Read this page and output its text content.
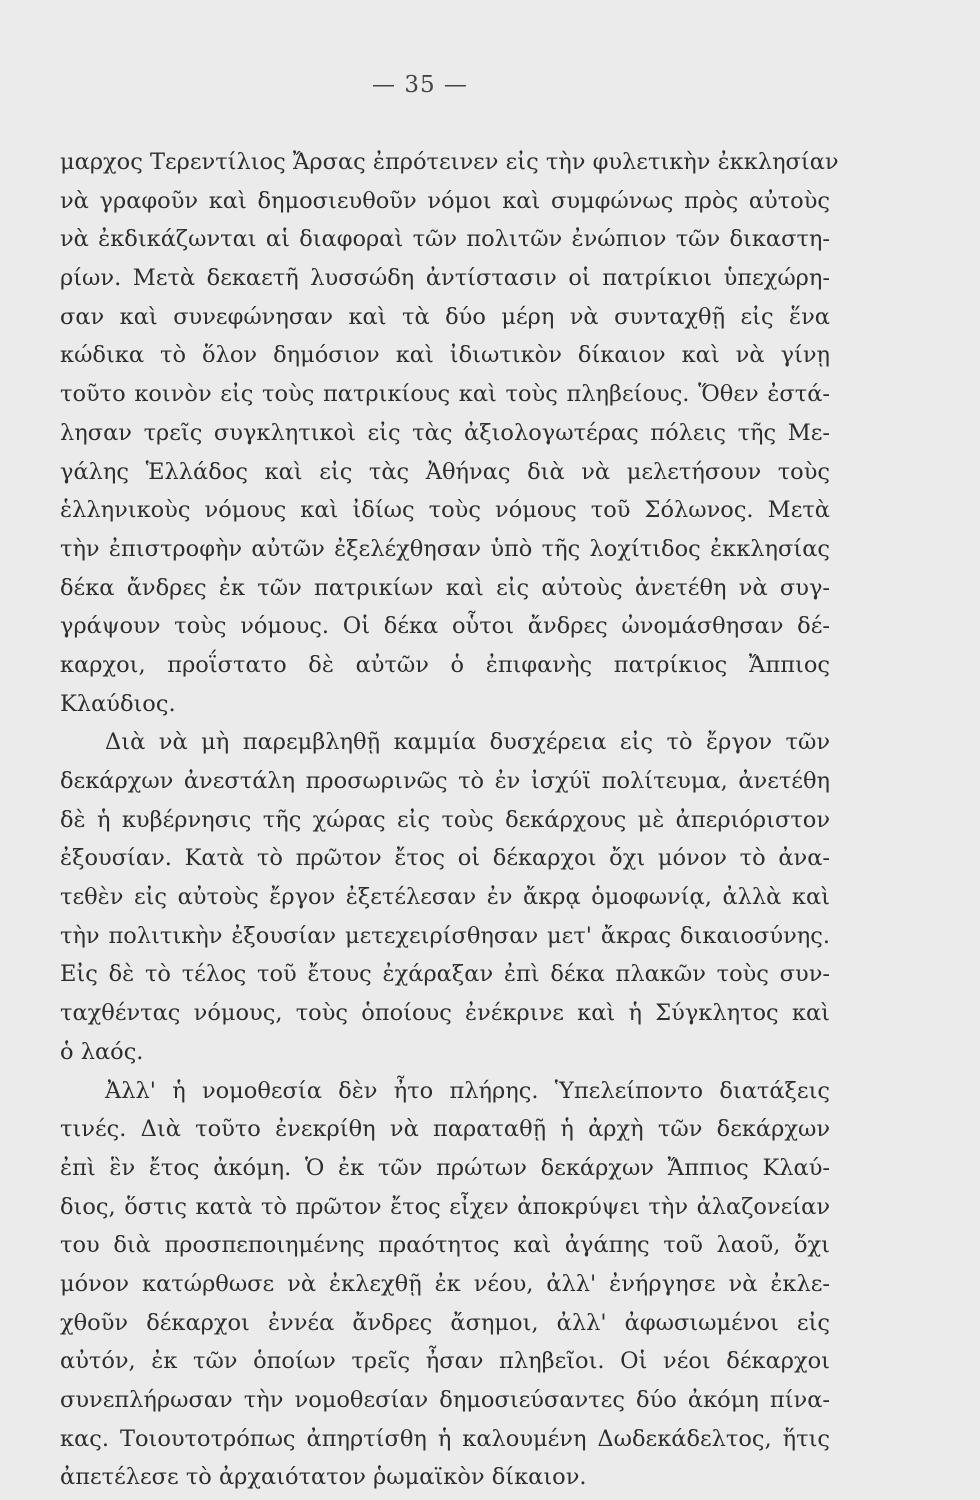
— 35 —
μαρχος Τερεντίλιος Ἄρσας ἐπρότεινεν εἰς τὴν φυλετικὴν ἐκκλησίαν
νὰ γραφοῦν καὶ δημοσιευθοῦν νόμοι καὶ συμφώνως πρὸς αὐτοὺς
νὰ ἐκδικάζωνται αἱ διαφοραὶ τῶν πολιτῶν ἐνώπιον τῶν δικαστη-
ρίων. Μετὰ δεκαετῆ λυσσώδη ἀντίστασιν οἱ πατρίκιοι ὑπεχώρη-
σαν καὶ συνεφώνησαν καὶ τὰ δύο μέρη νὰ συνταχθῇ εἰς ἕνα
κώδικα τὸ ὅλον δημόσιον καὶ ἰδιωτικὸν δίκαιον καὶ νὰ γίνῃ
τοῦτο κοινὸν εἰς τοὺς πατρικίους καὶ τοὺς πληβείους. Ὅθεν ἐστά-
λησαν τρεῖς συγκλητικοὶ εἰς τὰς ἀξιολογωτέρας πόλεις τῆς Με-
γάλης Ἑλλάδος καὶ εἰς τὰς Ἀθήνας διὰ νὰ μελετήσουν τοὺς
ἑλληνικοὺς νόμους καὶ ἰδίως τοὺς νόμους τοῦ Σόλωνος. Μετὰ
τὴν ἐπιστροφὴν αὐτῶν ἐξελέχθησαν ὑπὸ τῆς λοχίτιδος ἐκκλησίας
δέκα ἄνδρες ἐκ τῶν πατρικίων καὶ εἰς αὐτοὺς ἀνετέθη νὰ συγ-
γράψουν τοὺς νόμους. Οἱ δέκα οὗτοι ἄνδρες ὠνομάσθησαν δέ-
καρχοι, προΐστατο δὲ αὐτῶν ὁ ἐπιφανὴς πατρίκιος Ἄππιος
Κλαύδιος.
Διὰ νὰ μὴ παρεμβληθῇ καμμία δυσχέρεια εἰς τὸ ἔργον τῶν
δεκάρχων ἀνεστάλη προσωρινῶς τὸ ἐν ἰσχύϊ πολίτευμα, ἀνετέθη
δὲ ἡ κυβέρνησις τῆς χώρας εἰς τοὺς δεκάρχους μὲ ἀπεριόριστον
ἐξουσίαν. Κατὰ τὸ πρῶτον ἔτος οἱ δέκαρχοι ὄχι μόνον τὸ ἀνα-
τεθὲν εἰς αὐτοὺς ἔργον ἐξετέλεσαν ἐν ἄκρᾳ ὁμοφωνίᾳ, ἀλλὰ καὶ
τὴν πολιτικὴν ἐξουσίαν μετεχειρίσθησαν μετ' ἄκρας δικαιοσύνης.
Εἰς δὲ τὸ τέλος τοῦ ἔτους ἐχάραξαν ἐπὶ δέκα πλακῶν τοὺς συν-
ταχθέντας νόμους, τοὺς ὁποίους ἐνέκρινε καὶ ἡ Σύγκλητος καὶ
ὁ λαός.
Ἀλλ' ἡ νομοθεσία δὲν ἦτο πλήρης. Ὑπελείποντο διατάξεις
τινές. Διὰ τοῦτο ἐνεκρίθη νὰ παραταθῇ ἡ ἀρχὴ τῶν δεκάρχων
ἐπὶ ἓν ἔτος ἀκόμη. Ὁ ἐκ τῶν πρώτων δεκάρχων Ἄππιος Κλαύ-
διος, ὅστις κατὰ τὸ πρῶτον ἔτος εἶχεν ἀποκρύψει τὴν ἀλαζονείαν
του διὰ προσπεποιημένης πραότητος καὶ ἀγάπης τοῦ λαοῦ, ὄχι
μόνον κατώρθωσε νὰ ἐκλεχθῇ ἐκ νέου, ἀλλ' ἐνήργησε νὰ ἐκλε-
χθοῦν δέκαρχοι ἐννέα ἄνδρες ἄσημοι, ἀλλ' ἀφωσιωμένοι εἰς
αὐτόν, ἐκ τῶν ὁποίων τρεῖς ἦσαν πληβεῖοι. Οἱ νέοι δέκαρχοι
συνεπλήρωσαν τὴν νομοθεσίαν δημοσιεύσαντες δύο ἀκόμη πίνα-
κας. Τοιουτοτρόπως ἀπηρτίσθη ἡ καλουμένη Δωδεκάδελτος, ἥτις
ἀπετέλεσε τὸ ἀρχαιότατον ῥωμαϊκὸν δίκαιον.
